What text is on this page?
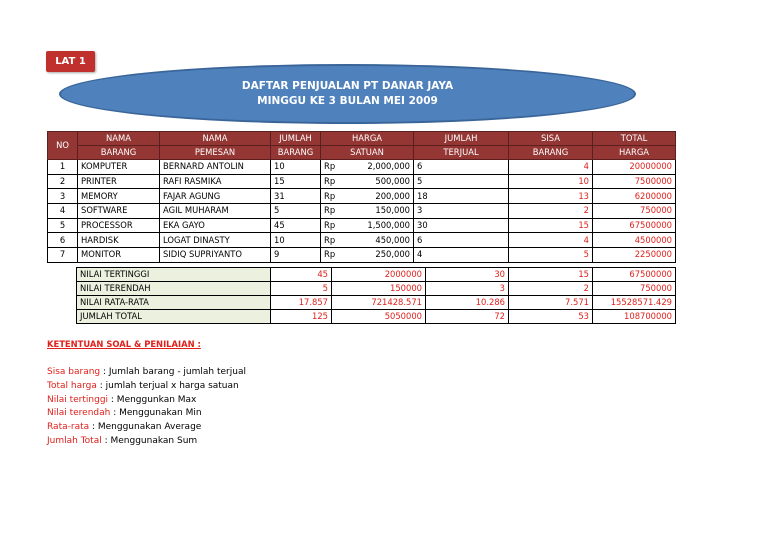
LAT 1
DAFTAR PENJUALAN PT DANAR JAYA
MINGGU KE 3 BULAN MEI 2009
NO	NAMA	NAMA	JUMLAH	HARGA		JUMLAH	SISA	TOTAL
	BARANG	PEMESAN	BARANG	SATUAN		TERJUAL	BARANG	HARGA
1	KOMPUTER	BERNARD ANTOLIN	10	Rp	2,000,000	6	4	20000000
2	PRINTER	RAFI RASMIKA	15	Rp	500,000	5	10	7500000
3	MEMORY	FAJAR AGUNG	31	Rp	200,000	18	13	6200000
4	SOFTWARE	AGIL MUHARAM	5	Rp	150,000	3	2	750000
5	PROCESSOR	EKA GAYO	45	Rp	1,500,000	30	15	67500000
6	HARDISK	LOGAT DINASTY	10	Rp	450,000	6	4	4500000
7	MONITOR	SIDIQ SUPRIYANTO	9	Rp	250,000	4	5	2250000
NILAI TERTINGGI	45	2000000	30	15	67500000
NILAI TERENDAH	5	150000	3	2	750000
NILAI RATA-RATA	17.857	721428.571	10.286	7.571	15528571.429
JUMLAH TOTAL	125	5050000	72	53	108700000
KETENTUAN SOAL & PENILAIAN :
Sisa barang : Jumlah barang - jumlah terjual
Total harga : jumlah terjual x harga satuan
Nilai tertinggi : Menggunkan Max
Nilai terendah : Menggunakan Min
Rata-rata : Menggunakan Average
Jumlah Total : Menggunakan Sum
